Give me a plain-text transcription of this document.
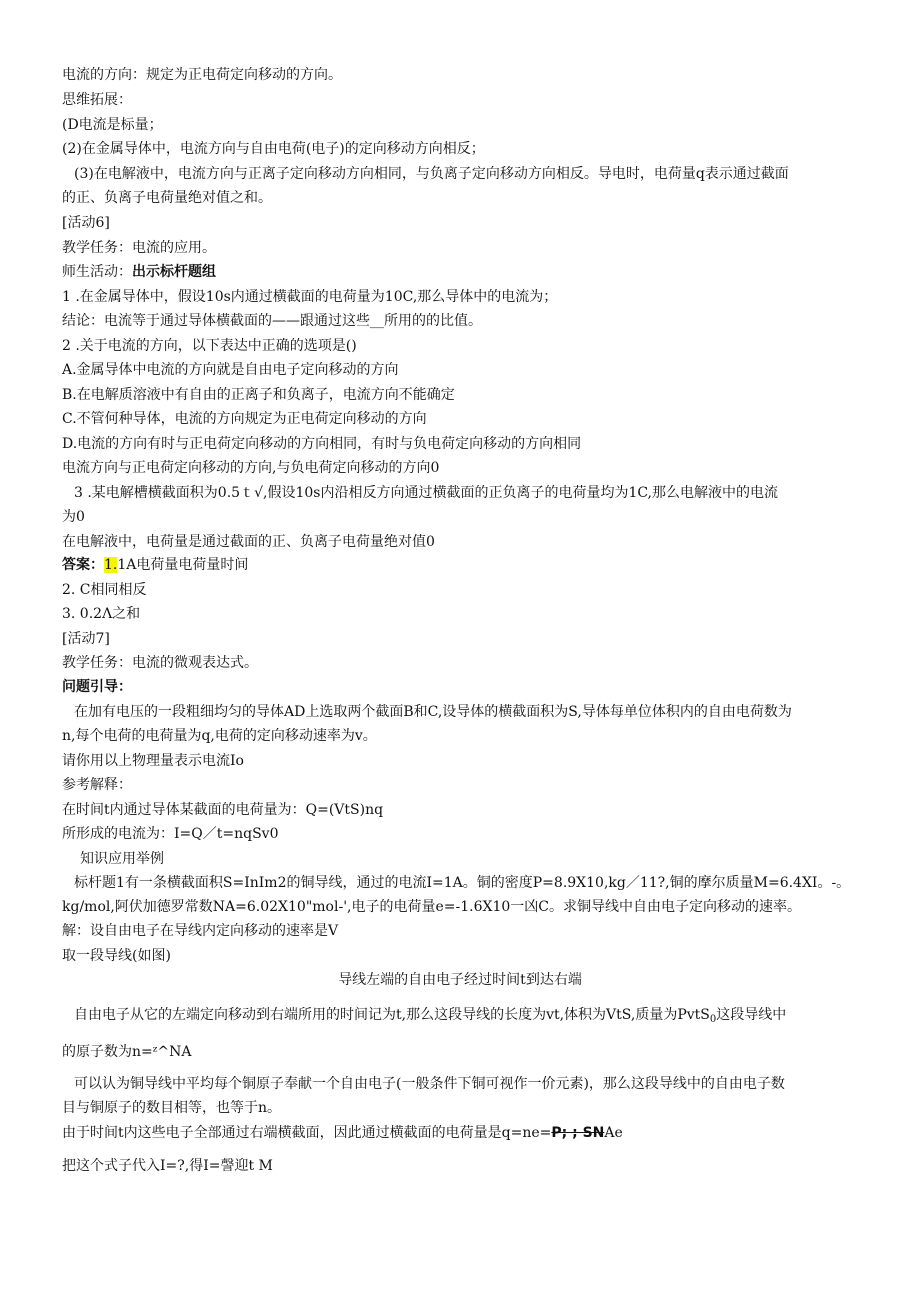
电流的方向：规定为正电荷定向移动的方向。
思维拓展：
(D电流是标量；
(2)在金属导体中，电流方向与自由电荷(电子)的定向移动方向相反；
(3)在电解液中，电流方向与正离子定向移动方向相同，与负离子定向移动方向相反。导电时，电荷量q表示通过截面
的正、负离子电荷量绝对值之和。
[活动6]
教学任务：电流的应用。
师生活动：出示标杆题组
1 .在金属导体中，假设10s内通过横截面的电荷量为10C,那么导体中的电流为；
结论：电流等于通过导体横截面的——跟通过这些__所用的的比值。
2 .关于电流的方向，以下表达中正确的选项是()
A.金属导体中电流的方向就是自由电子定向移动的方向
B.在电解质溶液中有自由的正离子和负离子，电流方向不能确定
C.不管何种导体，电流的方向规定为正电荷定向移动的方向
D.电流的方向有时与正电荷定向移动的方向相同，有时与负电荷定向移动的方向相同
电流方向与正电荷定向移动的方向,与负电荷定向移动的方向0
3 .某电解槽横截面积为0.5ｔ√,假设10s内沿相反方向通过横截面的正负离子的电荷量均为1C,那么电解液中的电流
为0
在电解液中，电荷量是通过截面的正、负离子电荷量绝对值0
答案：1.1A电荷量电荷量时间
2. C相同相反
3. 0.2Λ之和
[活动7]
教学任务：电流的微观表达式。
问题引导：
在加有电压的一段粗细均匀的导体AD上选取两个截面B和C,设导体的横截面积为S,导体每单位体积内的自由电荷数为
n,每个电荷的电荷量为q,电荷的定向移动速率为v。
请你用以上物理量表示电流Io
参考解释：
在时间t内通过导体某截面的电荷量为：Q=(VtS)nq
所形成的电流为：I=Q／t=nqSv0
知识应用举例
标杆题1有一条横截面积S=InIm2的铜导线，通过的电流I=1A。铜的密度P=8.9X10,kg／11?,铜的摩尔质量M=6.4XI。-。
kg/mol,阿伏加德罗常数NA=6.02X10"mol-',电子的电荷量e=-1.6X10一凶C。求铜导线中自由电子定向移动的速率。
解：设自由电子在导线内定向移动的速率是V
取一段导线(如图)
导线左端的自由电子经过时间t到达右端
自由电子从它的左端定向移动到右端所用的时间记为t,那么这段导线的长度为vt,体积为VtS,质量为PvtS$_0$这段导线中
的原子数为n=ᶻ^NA
可以认为铜导线中平均每个铜原子奉献一个自由电子(一般条件下铜可视作一价元素)，那么这段导线中的自由电子数
目与铜原子的数目相等，也等于n。
由于时间t内这些电子全部通过右端横截面，因此通过横截面的电荷量是q=ne=P; ; SNAe
把这个式子代入I=?,得I=謦迎t M
